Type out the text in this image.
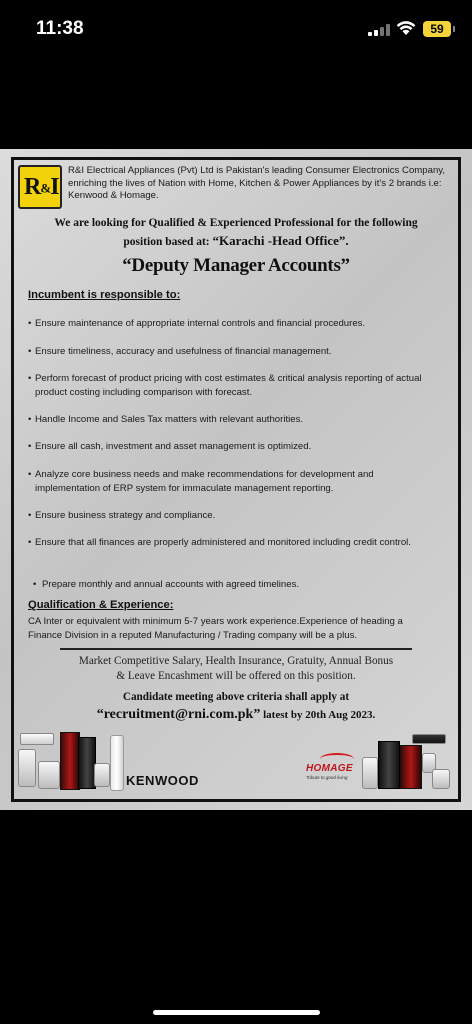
11:38	59
R&I
R&I Electrical Appliances (Pvt) Ltd is Pakistan's leading Consumer Electronics Company, enriching the lives of Nation with Home, Kitchen & Power Appliances by it's 2 brands i.e: Kenwood & Homage.
We are looking for Qualified & Experienced Professional for the following
position based at: “Karachi -Head Office”.
“Deputy Manager Accounts”
Incumbent is responsible to:
• Ensure maintenance of appropriate internal controls and financial procedures.
• Ensure timeliness, accuracy and usefulness of financial management.
• Perform forecast of product pricing with cost estimates & critical analysis reporting of actual product costing including comparison with forecast.
• Handle Income and Sales Tax matters with relevant authorities.
• Ensure all cash, investment and asset management is optimized.
• Analyze core business needs and make recommendations for development and implementation of ERP system for immaculate management reporting.
• Ensure business strategy and compliance.
• Ensure that all finances are properly administered and monitored including credit control.
• Prepare monthly and annual accounts with agreed timelines.
Qualification & Experience:
CA Inter or equivalent with minimum 5-7 years work experience.Experience of heading a Finance Division in a reputed Manufacturing / Trading company will be a plus.
Market Competitive Salary, Health Insurance, Gratuity, Annual Bonus
& Leave Encashment will be offered on this position.
Candidate meeting above criteria shall apply at
“recruitment@rni.com.pk” latest by 20th Aug 2023.
KENWOOD
HOMAGE
Tribute to good living
